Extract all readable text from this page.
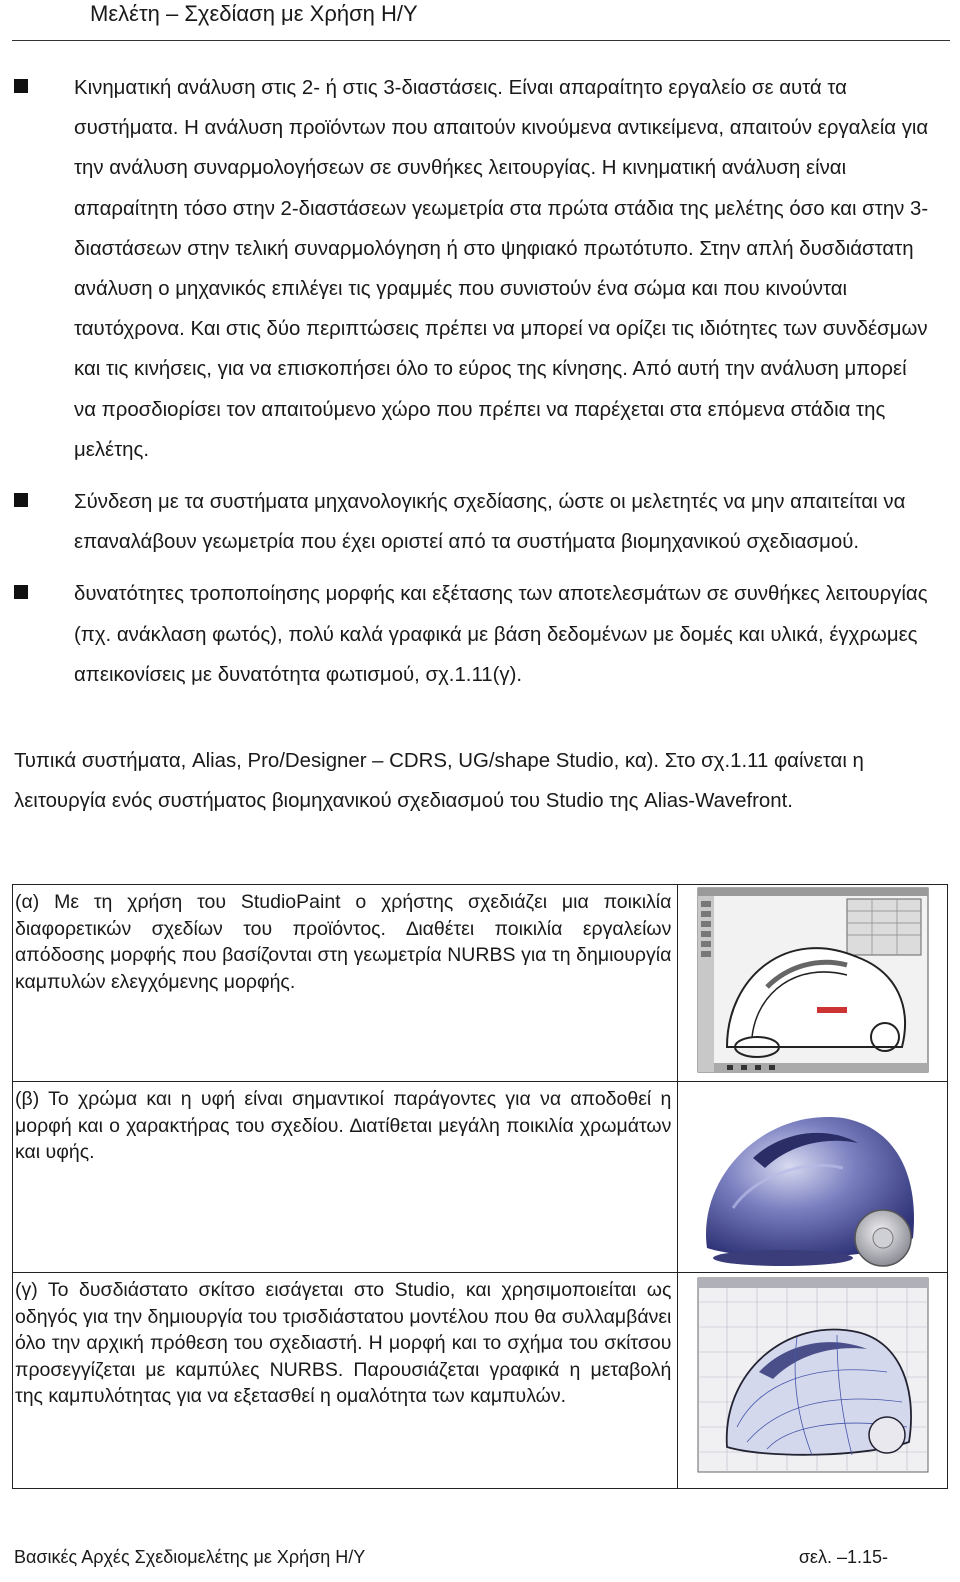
Μελέτη – Σχεδίαση με Χρήση Η/Υ
Κινηματική ανάλυση στις 2- ή στις 3-διαστάσεις. Είναι απαραίτητο εργαλείο σε αυτά τα συστήματα. Η ανάλυση προϊόντων που απαιτούν κινούμενα αντικείμενα, απαιτούν εργαλεία για την ανάλυση συναρμολογήσεων σε συνθήκες λειτουργίας. Η κινηματική ανάλυση είναι απαραίτητη τόσο στην 2-διαστάσεων γεωμετρία στα πρώτα στάδια της μελέτης όσο και στην 3-διαστάσεων στην τελική συναρμολόγηση ή στο ψηφιακό πρωτότυπο. Στην απλή δυσδιάστατη ανάλυση ο μηχανικός επιλέγει τις γραμμές που συνιστούν ένα σώμα και που κινούνται ταυτόχρονα. Και στις δύο περιπτώσεις πρέπει να μπορεί να ορίζει τις ιδιότητες των συνδέσμων και τις κινήσεις, για να επισκοπήσει όλο το εύρος της κίνησης. Από αυτή την ανάλυση μπορεί να προσδιορίσει τον απαιτούμενο χώρο που πρέπει να παρέχεται στα επόμενα στάδια της μελέτης.
Σύνδεση με τα συστήματα μηχανολογικής σχεδίασης, ώστε οι μελετητές να μην απαιτείται να επαναλάβουν γεωμετρία που έχει οριστεί από τα συστήματα βιομηχανικού σχεδιασμού.
δυνατότητες τροποποίησης μορφής και εξέτασης των αποτελεσμάτων σε συνθήκες λειτουργίας (πχ. ανάκλαση φωτός), πολύ καλά γραφικά με βάση δεδομένων με δομές και υλικά, έγχρωμες απεικονίσεις με δυνατότητα φωτισμού, σχ.1.11(γ).
Τυπικά συστήματα, Alias, Pro/Designer – CDRS, UG/shape Studio, κα). Στο σχ.1.11 φαίνεται η λειτουργία ενός συστήματος βιομηχανικού σχεδιασμού του Studio της Alias-Wavefront.
(α) Με τη χρήση του StudioPaint ο χρήστης σχεδιάζει μια ποικιλία διαφορετικών σχεδίων του προϊόντος. ∆ιαθέτει ποικιλία εργαλείων απόδοσης μορφής που βασίζονται στη γεωμετρία NURBS για τη δημιουργία καμπυλών ελεγχόμενης μορφής.	

(β) Το χρώμα και η υφή είναι σημαντικοί παράγοντες για να αποδοθεί η μορφή και ο χαρακτήρας του σχεδίου. ∆ιατίθεται μεγάλη ποικιλία χρωμάτων και υφής.	

(γ) Το δυσδιάστατο σκίτσο εισάγεται στο Studio, και χρησιμοποιείται ως οδηγός για την δημιουργία του τρισδιάστατου μοντέλου που θα συλλαμβάνει όλο την αρχική πρόθεση του σχεδιαστή. Η μορφή και το σχήμα του σκίτσου προσεγγίζεται με καμπύλες NURBS. Παρουσιάζεται γραφικά η μεταβολή της καμπυλότητας για να εξετασθεί η ομαλότητα των καμπυλών.	
Βασικές Αρχές Σχεδιομελέτης με Χρήση Η/Υ	σελ. –1.15-
